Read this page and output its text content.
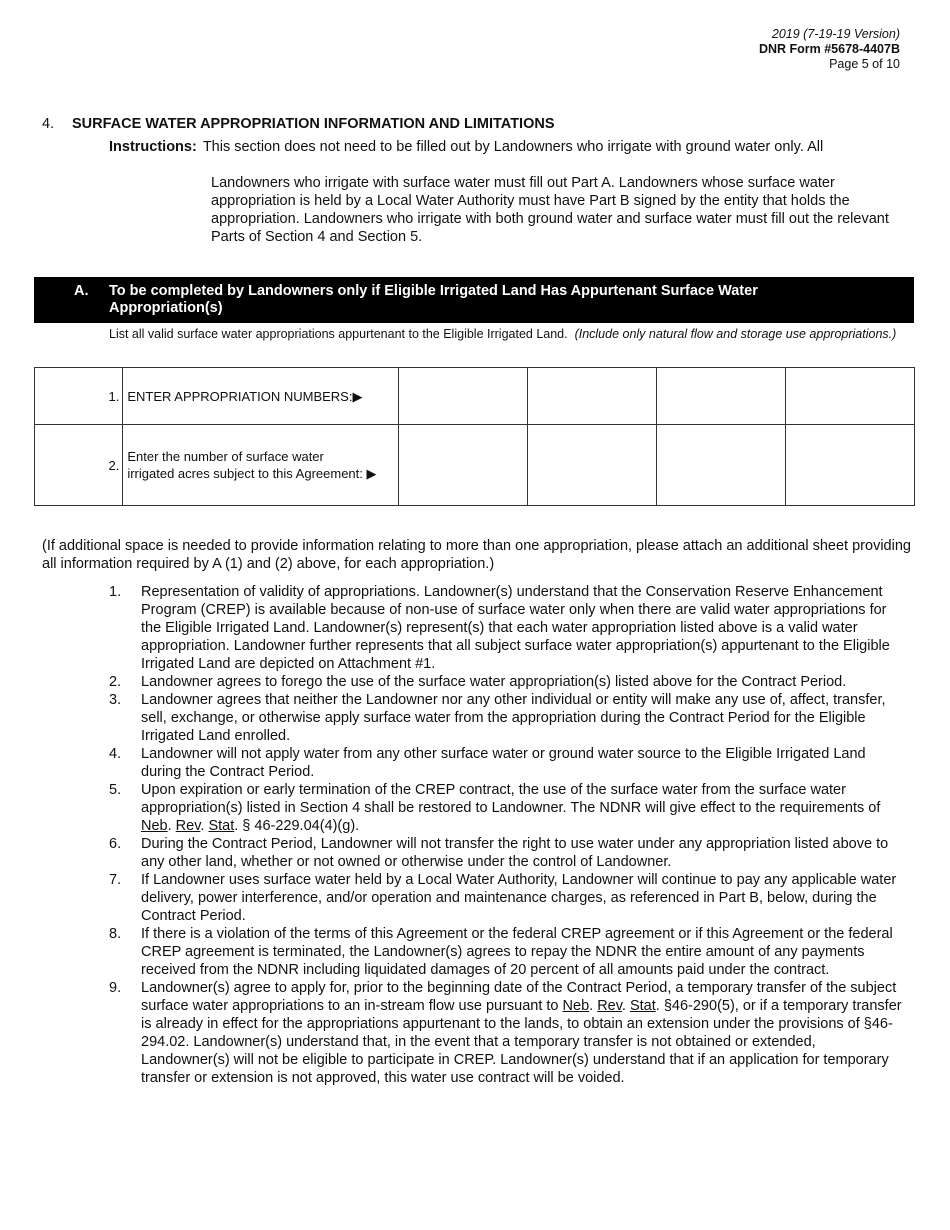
2019 (7-19-19 Version)
DNR Form #5678-4407B
Page 5 of 10
4. SURFACE WATER APPROPRIATION INFORMATION AND LIMITATIONS
Instructions: This section does not need to be filled out by Landowners who irrigate with ground water only. All
Landowners who irrigate with surface water must fill out Part A. Landowners whose surface water appropriation is held by a Local Water Authority must have Part B signed by the entity that holds the appropriation. Landowners who irrigate with both ground water and surface water must fill out the relevant Parts of Section 4 and Section 5.
A. To be completed by Landowners only if Eligible Irrigated Land Has Appurtenant Surface Water Appropriation(s)
List all valid surface water appropriations appurtenant to the Eligible Irrigated Land. (Include only natural flow and storage use appropriations.)
1.	ENTER APPROPRIATION NUMBERS:▶				
2.	Enter the number of surface water
irrigated acres subject to this Agreement: ▶				

(If additional space is needed to provide information relating to more than one appropriation, please attach an additional sheet providing all information required by A (1) and (2) above, for each appropriation.)
1. Representation of validity of appropriations. Landowner(s) understand that the Conservation Reserve Enhancement Program (CREP) is available because of non-use of surface water only when there are valid water appropriations for the Eligible Irrigated Land. Landowner(s) represent(s) that each water appropriation listed above is a valid water appropriation. Landowner further represents that all subject surface water appropriation(s) appurtenant to the Eligible Irrigated Land are depicted on Attachment #1.
2. Landowner agrees to forego the use of the surface water appropriation(s) listed above for the Contract Period.
3. Landowner agrees that neither the Landowner nor any other individual or entity will make any use of, affect, transfer, sell, exchange, or otherwise apply surface water from the appropriation during the Contract Period for the Eligible Irrigated Land enrolled.
4. Landowner will not apply water from any other surface water or ground water source to the Eligible Irrigated Land during the Contract Period.
5. Upon expiration or early termination of the CREP contract, the use of the surface water from the surface water appropriation(s) listed in Section 4 shall be restored to Landowner. The NDNR will give effect to the requirements of Neb. Rev. Stat. § 46-229.04(4)(g).
6. During the Contract Period, Landowner will not transfer the right to use water under any appropriation listed above to any other land, whether or not owned or otherwise under the control of Landowner.
7. If Landowner uses surface water held by a Local Water Authority, Landowner will continue to pay any applicable water delivery, power interference, and/or operation and maintenance charges, as referenced in Part B, below, during the Contract Period.
8. If there is a violation of the terms of this Agreement or the federal CREP agreement or if this Agreement or the federal CREP agreement is terminated, the Landowner(s) agrees to repay the NDNR the entire amount of any payments received from the NDNR including liquidated damages of 20 percent of all amounts paid under the contract.
9. Landowner(s) agree to apply for, prior to the beginning date of the Contract Period, a temporary transfer of the subject surface water appropriations to an in-stream flow use pursuant to Neb. Rev. Stat. §46-290(5), or if a temporary transfer is already in effect for the appropriations appurtenant to the lands, to obtain an extension under the provisions of §46-294.02. Landowner(s) understand that, in the event that a temporary transfer is not obtained or extended, Landowner(s) will not be eligible to participate in CREP. Landowner(s) understand that if an application for temporary transfer or extension is not approved, this water use contract will be voided.
